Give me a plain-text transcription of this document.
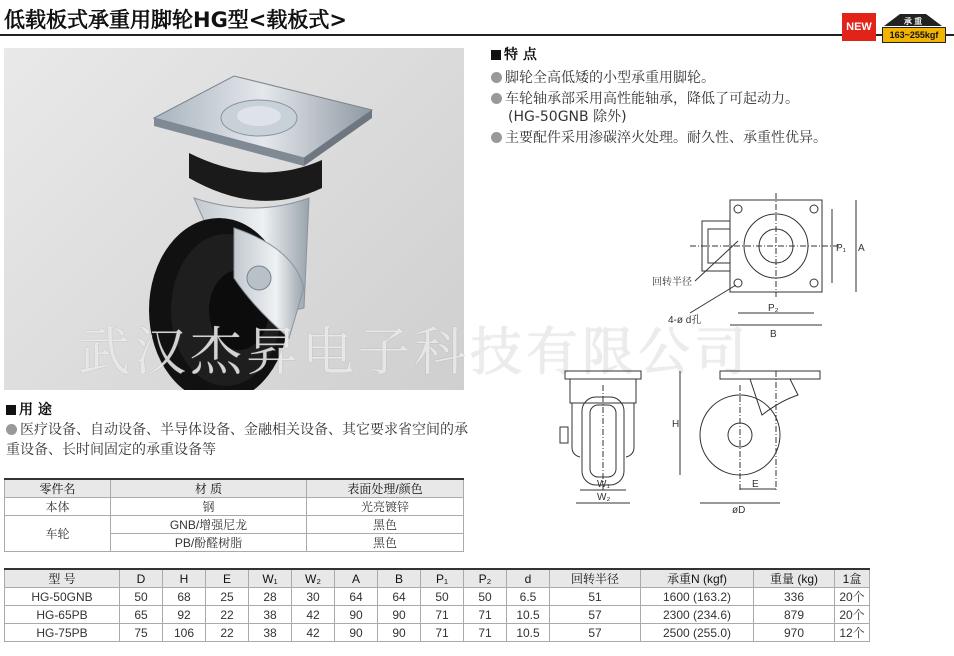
低载板式承重用脚轮HG型<载板式>	NEW	承 重
163~255kgf
武汉杰昇电子科技有限公司
特 点
脚轮全高低矮的小型承重用脚轮。
车轮轴承部采用高性能轴承，降低了可起动力。
(HG-50GNB 除外)
主要配件采用渗碳淬火处理。耐久性、承重性优异。
回转半径
4-ø d孔
P₂
B
P₁ A
H
W₁
W₂
E
øD
用 途
医疗设备、自动设备、半导体设备、金融相关设备、其它要求省空间的承重设备、长时间固定的承重设备等
零件名	材 质	表面处理/颜色
本体	钢	光亮镀锌
车轮	GNB/增强尼龙	黑色
	PB/酚醛树脂	黑色
型 号	D	H	E	W₁	W₂	A	B	P₁	P₂	d	回转半径	承重N (kgf)	重量 (kg)	1盒
HG-50GNB	50	68	25	28	30	64	64	50	50	6.5	51	1600 (163.2)	336	20个
HG-65PB	65	92	22	38	42	90	90	71	71	10.5	57	2300 (234.6)	879	20个
HG-75PB	75	106	22	38	42	90	90	71	71	10.5	57	2500 (255.0)	970	12个
